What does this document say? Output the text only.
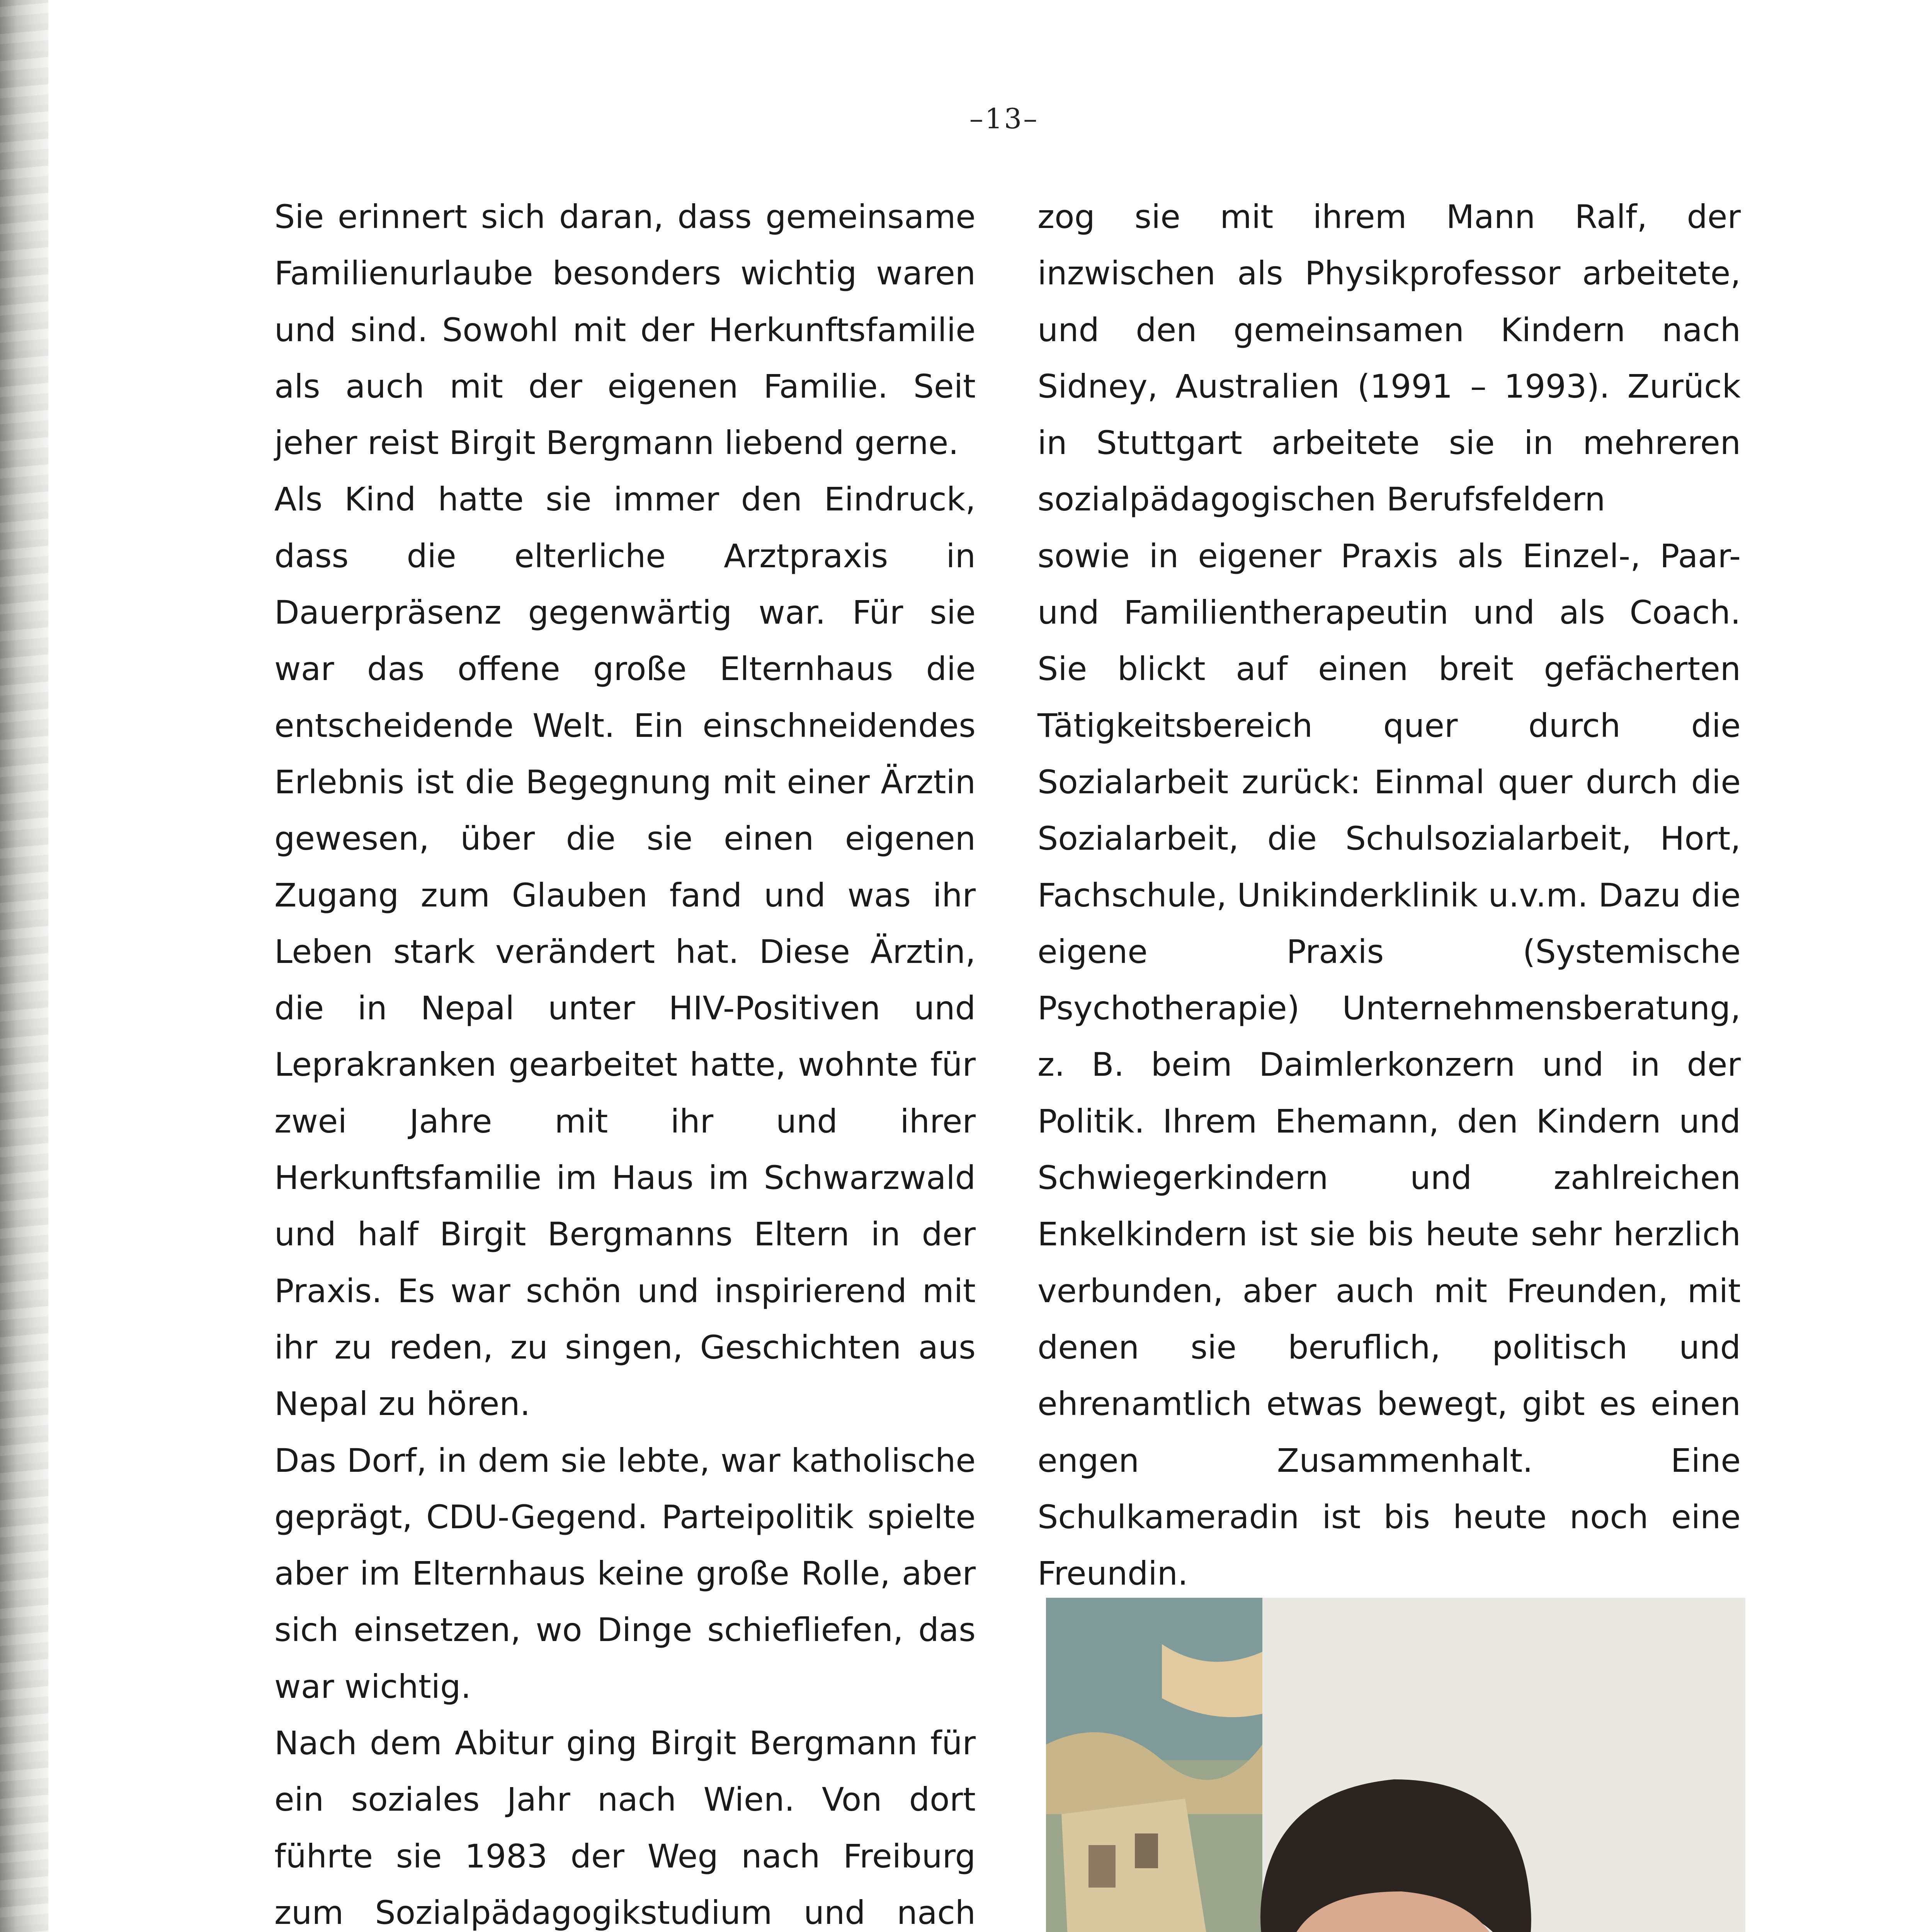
–13–

Sie erinnert sich daran, dass gemeinsame Familienurlaube besonders wichtig waren und sind. Sowohl mit der Herkunftsfamilie als auch mit der eigenen Familie. Seit jeher reist Birgit Bergmann liebend gerne.

Als Kind hatte sie immer den Eindruck, dass die elterliche Arztpraxis in Dauerpräsenz gegenwärtig war. Für sie war das offene große Elternhaus die entscheidende Welt. Ein einschneidendes Erlebnis ist die Begegnung mit einer Ärztin gewesen, über die sie einen eigenen Zugang zum Glauben fand und was ihr Leben stark verändert hat. Diese Ärztin, die in Nepal unter HIV-Positiven und Leprakranken gearbeitet hatte, wohnte für zwei Jahre mit ihr und ihrer Herkunftsfamilie im Haus im Schwarzwald und half Birgit Bergmanns Eltern in der Praxis. Es war schön und inspirierend mit ihr zu reden, zu singen, Geschichten aus Nepal zu hören.

Das Dorf, in dem sie lebte, war katholische geprägt, CDU-Gegend. Parteipolitik spielte aber im Elternhaus keine große Rolle, aber sich einsetzen, wo Dinge schiefliefen, das war wichtig.

Nach dem Abitur ging Birgit Bergmann für ein soziales Jahr nach Wien. Von dort führte sie 1983 der Weg nach Freiburg zum Sozialpädagogikstudium und nach

zog sie mit ihrem Mann Ralf, der inzwischen als Physikprofessor arbeitete, und den gemeinsamen Kindern nach Sidney, Australien (1991 – 1993). Zurück in Stuttgart arbeitete sie in mehreren sozialpädagogischen Berufsfeldern

sowie in eigener Praxis als Einzel-, Paar- und Familientherapeutin und als Coach. Sie blickt auf einen breit gefächerten Tätigkeitsbereich quer durch die Sozialarbeit zurück: Einmal quer durch die Sozialarbeit, die Schulsozialarbeit, Hort, Fachschule, Unikinderklinik u.v.m. Dazu die eigene Praxis (Systemische Psychotherapie) Unternehmensberatung, z. B. beim Daimlerkonzern und in der Politik. Ihrem Ehemann, den Kindern und Schwiegerkindern und zahlreichen Enkelkindern ist sie bis heute sehr herzlich verbunden, aber auch mit Freunden, mit denen sie beruflich, politisch und ehrenamtlich etwas bewegt, gibt es einen engen Zusammenhalt. Eine Schulkameradin ist bis heute noch eine Freundin.
